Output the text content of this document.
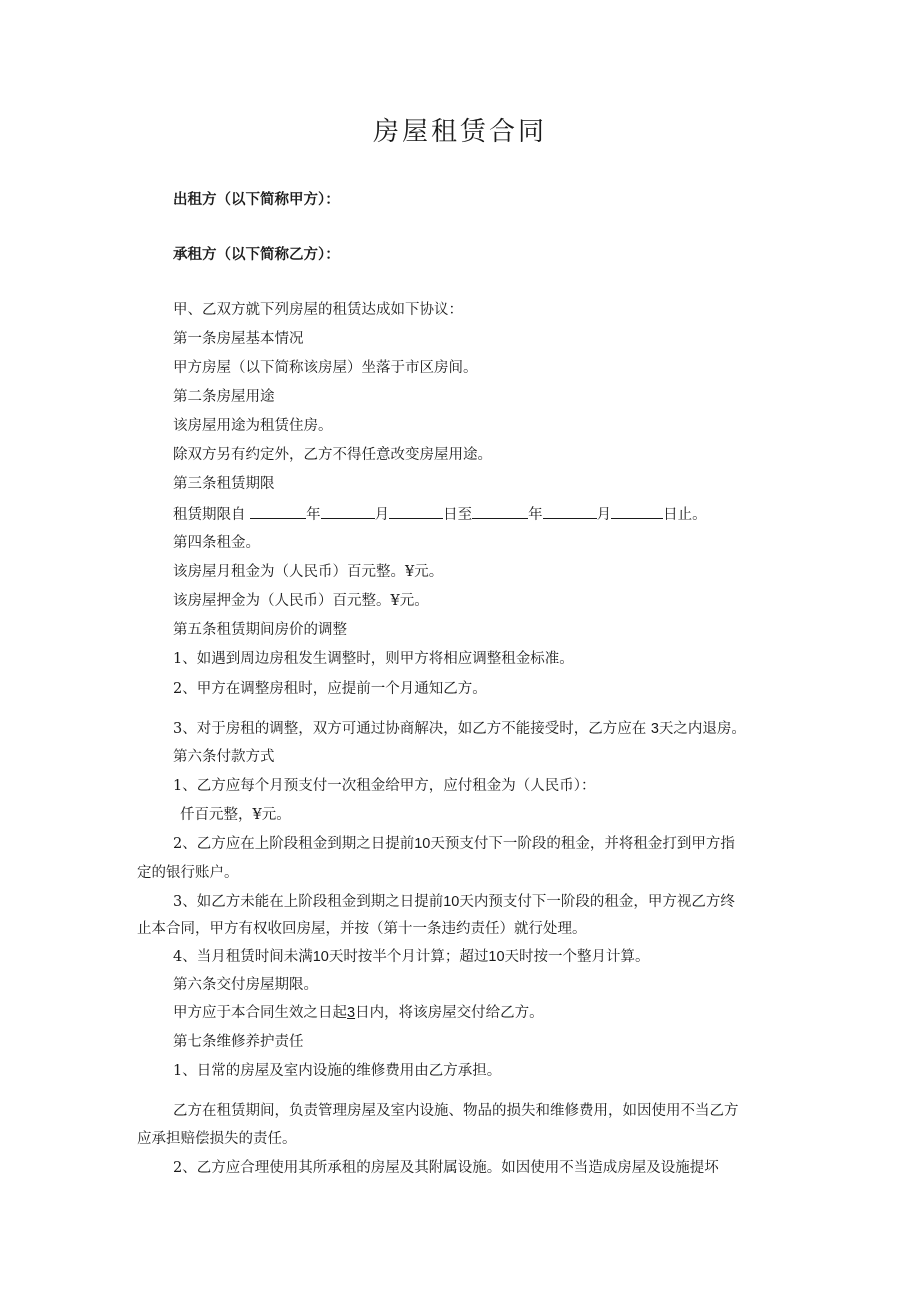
房屋租赁合同
出租方（以下简称甲方）：
承租方（以下简称乙方）：
甲、乙双方就下列房屋的租赁达成如下协议：
第一条房屋基本情况
甲方房屋（以下简称该房屋）坐落于市区房间。
第二条房屋用途
该房屋用途为租赁住房。
除双方另有约定外，乙方不得任意改变房屋用途。
第三条租赁期限
租赁期限自	年	月	日至	年	月	日止。
第四条租金。
该房屋月租金为（人民币）百元整。¥元。
该房屋押金为（人民币）百元整。¥元。
第五条租赁期间房价的调整
1、如遇到周边房租发生调整时，则甲方将相应调整租金标准。
2、甲方在调整房租时，应提前一个月通知乙方。
3、对于房租的调整，双方可通过协商解决，如乙方不能接受时，乙方应在 3天之内退房。
第六条付款方式
1、乙方应每个月预支付一次租金给甲方，应付租金为（人民币）：
仟百元整，¥元。
2、乙方应在上阶段租金到期之日提前10天预支付下一阶段的租金，并将租金打到甲方指
定的银行账户。
3、如乙方未能在上阶段租金到期之日提前10天内预支付下一阶段的租金，甲方视乙方终
止本合同，甲方有权收回房屋，并按（第十一条违约责任）就行处理。
4、当月租赁时间未满10天时按半个月计算；超过10天时按一个整月计算。
第六条交付房屋期限。
甲方应于本合同生效之日起3日内，将该房屋交付给乙方。
第七条维修养护责任
1、日常的房屋及室内设施的维修费用由乙方承担。
乙方在租赁期间，负责管理房屋及室内设施、物品的损失和维修费用，如因使用不当乙方
应承担赔偿损失的责任。
2、乙方应合理使用其所承租的房屋及其附属设施。如因使用不当造成房屋及设施提坏
